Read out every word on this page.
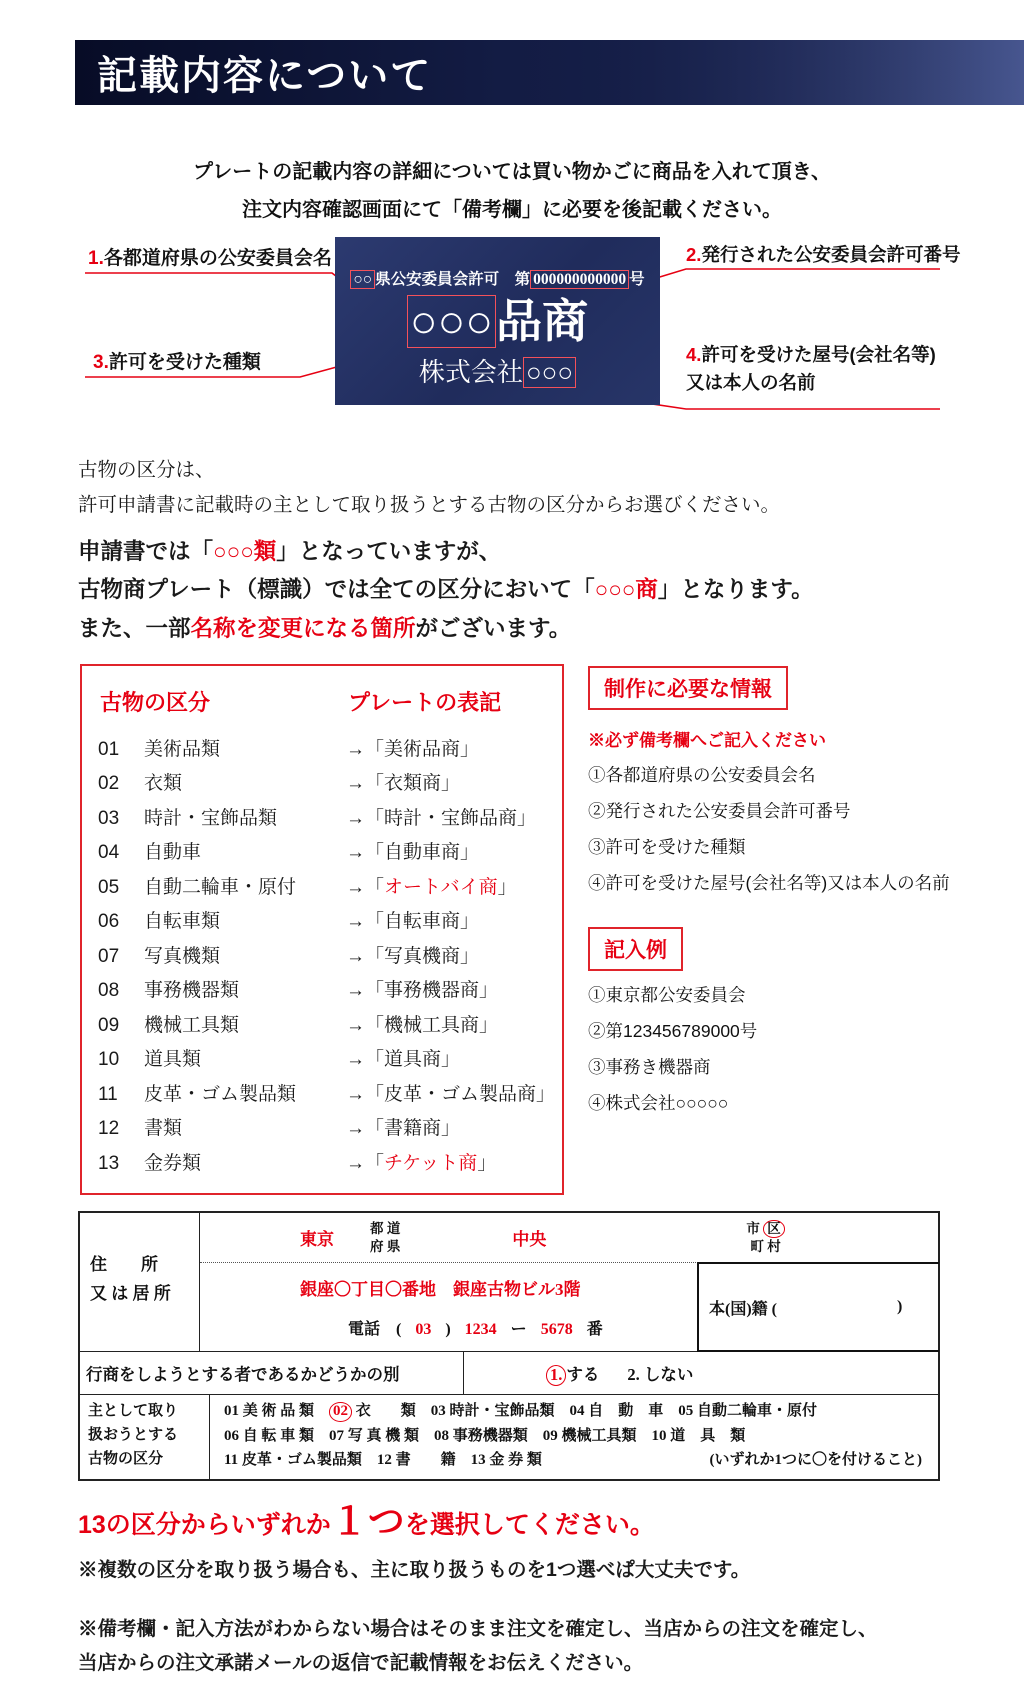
記載内容について

プレートの記載内容の詳細については買い物かごに商品を入れて頂き、

注文内容確認画面にて「備考欄」に必要を後記載ください。

○○ 県公安委員会許可　第 000000000000 号
○○○品商
株式会社 ○○○
1.各都道府県の公安委員会名	2.発行された公安委員会許可番号
3.許可を受けた種類	4.許可を受けた屋号(会社名等)
又は本人の名前
古物の区分は、
許可申請書に記載時の主として取り扱うとする古物の区分からお選びください。
申請書では「○○○類」となっていますが、
古物商プレート（標識）では全ての区分において「○○○商」となります。
また、一部名称を変更になる箇所がございます。
古物の区分	プレートの表記
01	美術品類	→「美術品商」
02	衣類	→「衣類商」
03	時計・宝飾品類	→「時計・宝飾品商」
04	自動車	→「自動車商」
05	自動二輪車・原付	→「オートバイ商」
06	自転車類	→「自転車商」
07	写真機類	→「写真機商」
08	事務機器類	→「事務機器商」
09	機械工具類	→「機械工具商」
10	道具類	→「道具商」
11	皮革・ゴム製品類	→「皮革・ゴム製品商」
12	書類	→「書籍商」
13	金券類	→「チケット商」
制作に必要な情報
※必ず備考欄へご記入ください
①各都道府県の公安委員会名
②発行された公安委員会許可番号
③許可を受けた種類
④許可を受けた屋号(会社名等)又は本人の名前
記入例
①東京都公安委員会
②第123456789000号
③事務き機器商
④株式会社○○○○○
住　　所
又 は 居 所
東京
都 道
府 県	中央
市 区
町 村
銀座〇丁目〇番地　銀座古物ビル3階
電話　( 03 ) 1234 ー 5678 番
本(国)籍 (	)
行商をしようとする者であるかどうかの別	1. する 2. しない
主として取り
扱おうとする
古物の区分
01 美 術 品 類　02 衣　　類　03 時計・宝飾品類　04 自　動　車　05 自動二輪車・原付
06 自 転 車 類　07 写 真 機 類　08 事務機器類　09 機械工具類　10 道　具　類
11 皮革・ゴム製品類　12 書　　籍　13 金 券 類	(いずれか1つに〇を付けること)
13の区分からいずれか １つ を選択してください。
※複数の区分を取り扱う場合も、主に取り扱うものを1つ選べぱ大丈夫です。
※備考欄・記入方法がわからない場合はそのまま注文を確定し、当店からの注文を確定し、
当店からの注文承諾メールの返信で記載情報をお伝えください。
